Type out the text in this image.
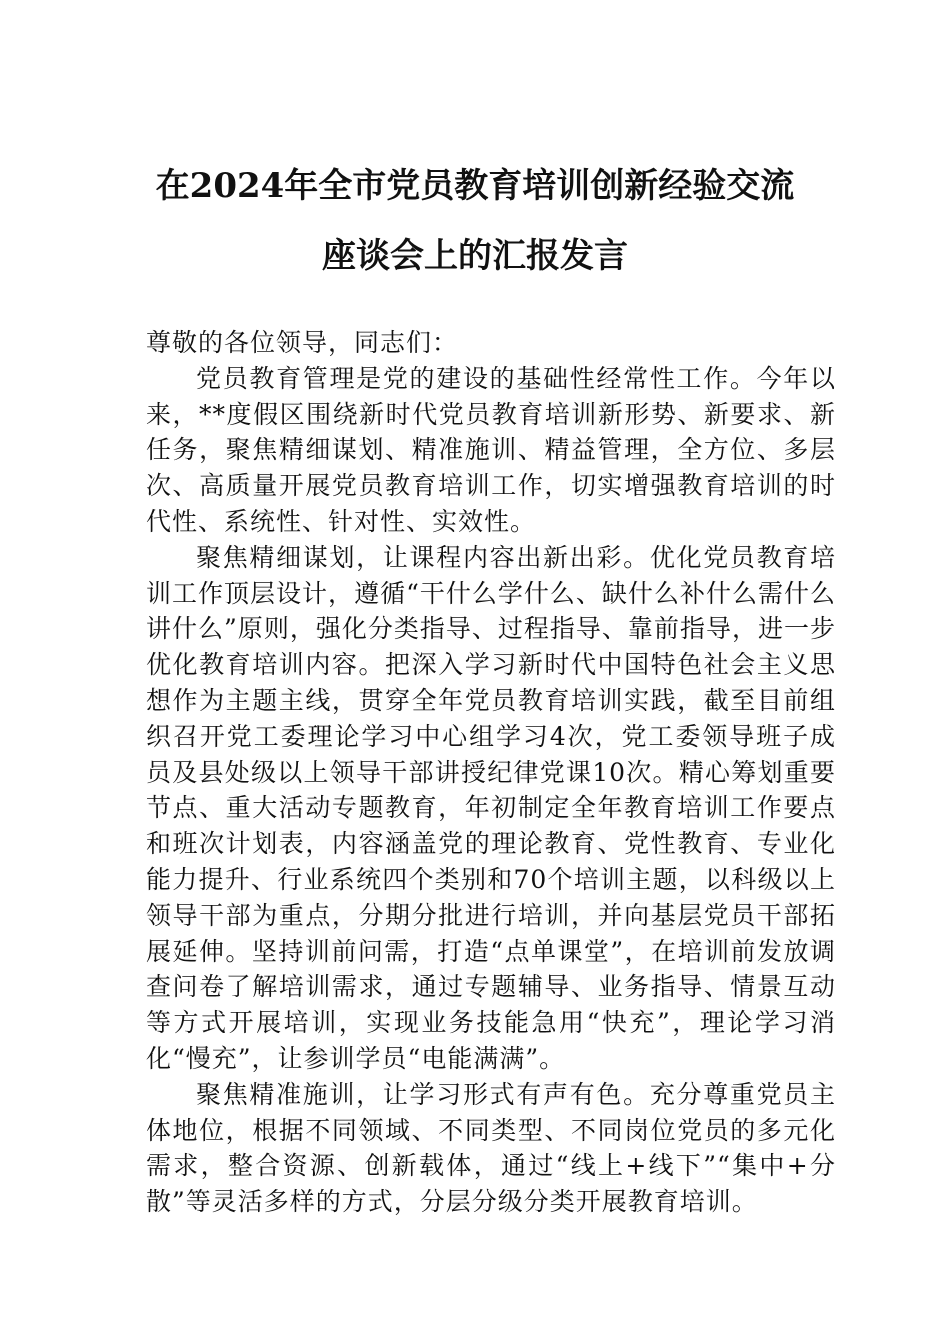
在2024年全市党员教育培训创新经验交流
座谈会上的汇报发言

尊敬的各位领导，同志们：

党员教育管理是党的建设的基础性经常性工作。今年以来，**度假区围绕新时代党员教育培训新形势、新要求、新任务，聚焦精细谋划、精准施训、精益管理，全方位、多层次、高质量开展党员教育培训工作，切实增强教育培训的时代性、系统性、针对性、实效性。

聚焦精细谋划，让课程内容出新出彩。优化党员教育培训工作顶层设计，遵循“干什么学什么、缺什么补什么需什么讲什么”原则，强化分类指导、过程指导、靠前指导，进一步优化教育培训内容。把深入学习新时代中国特色社会主义思想作为主题主线，贯穿全年党员教育培训实践，截至目前组织召开党工委理论学习中心组学习4次，党工委领导班子成员及县处级以上领导干部讲授纪律党课10次。精心筹划重要节点、重大活动专题教育，年初制定全年教育培训工作要点和班次计划表，内容涵盖党的理论教育、党性教育、专业化能力提升、行业系统四个类别和70个培训主题，以科级以上领导干部为重点，分期分批进行培训，并向基层党员干部拓展延伸。坚持训前问需，打造“点单课堂”，在培训前发放调查问卷了解培训需求，通过专题辅导、业务指导、情景互动等方式开展培训，实现业务技能急用“快充”，理论学习消化“慢充”，让参训学员“电能满满”。

聚焦精准施训，让学习形式有声有色。充分尊重党员主体地位，根据不同领域、不同类型、不同岗位党员的多元化需求，整合资源、创新载体，通过“线上+线下”“集中+分散”等灵活多样的方式，分层分级分类开展教育培训。
